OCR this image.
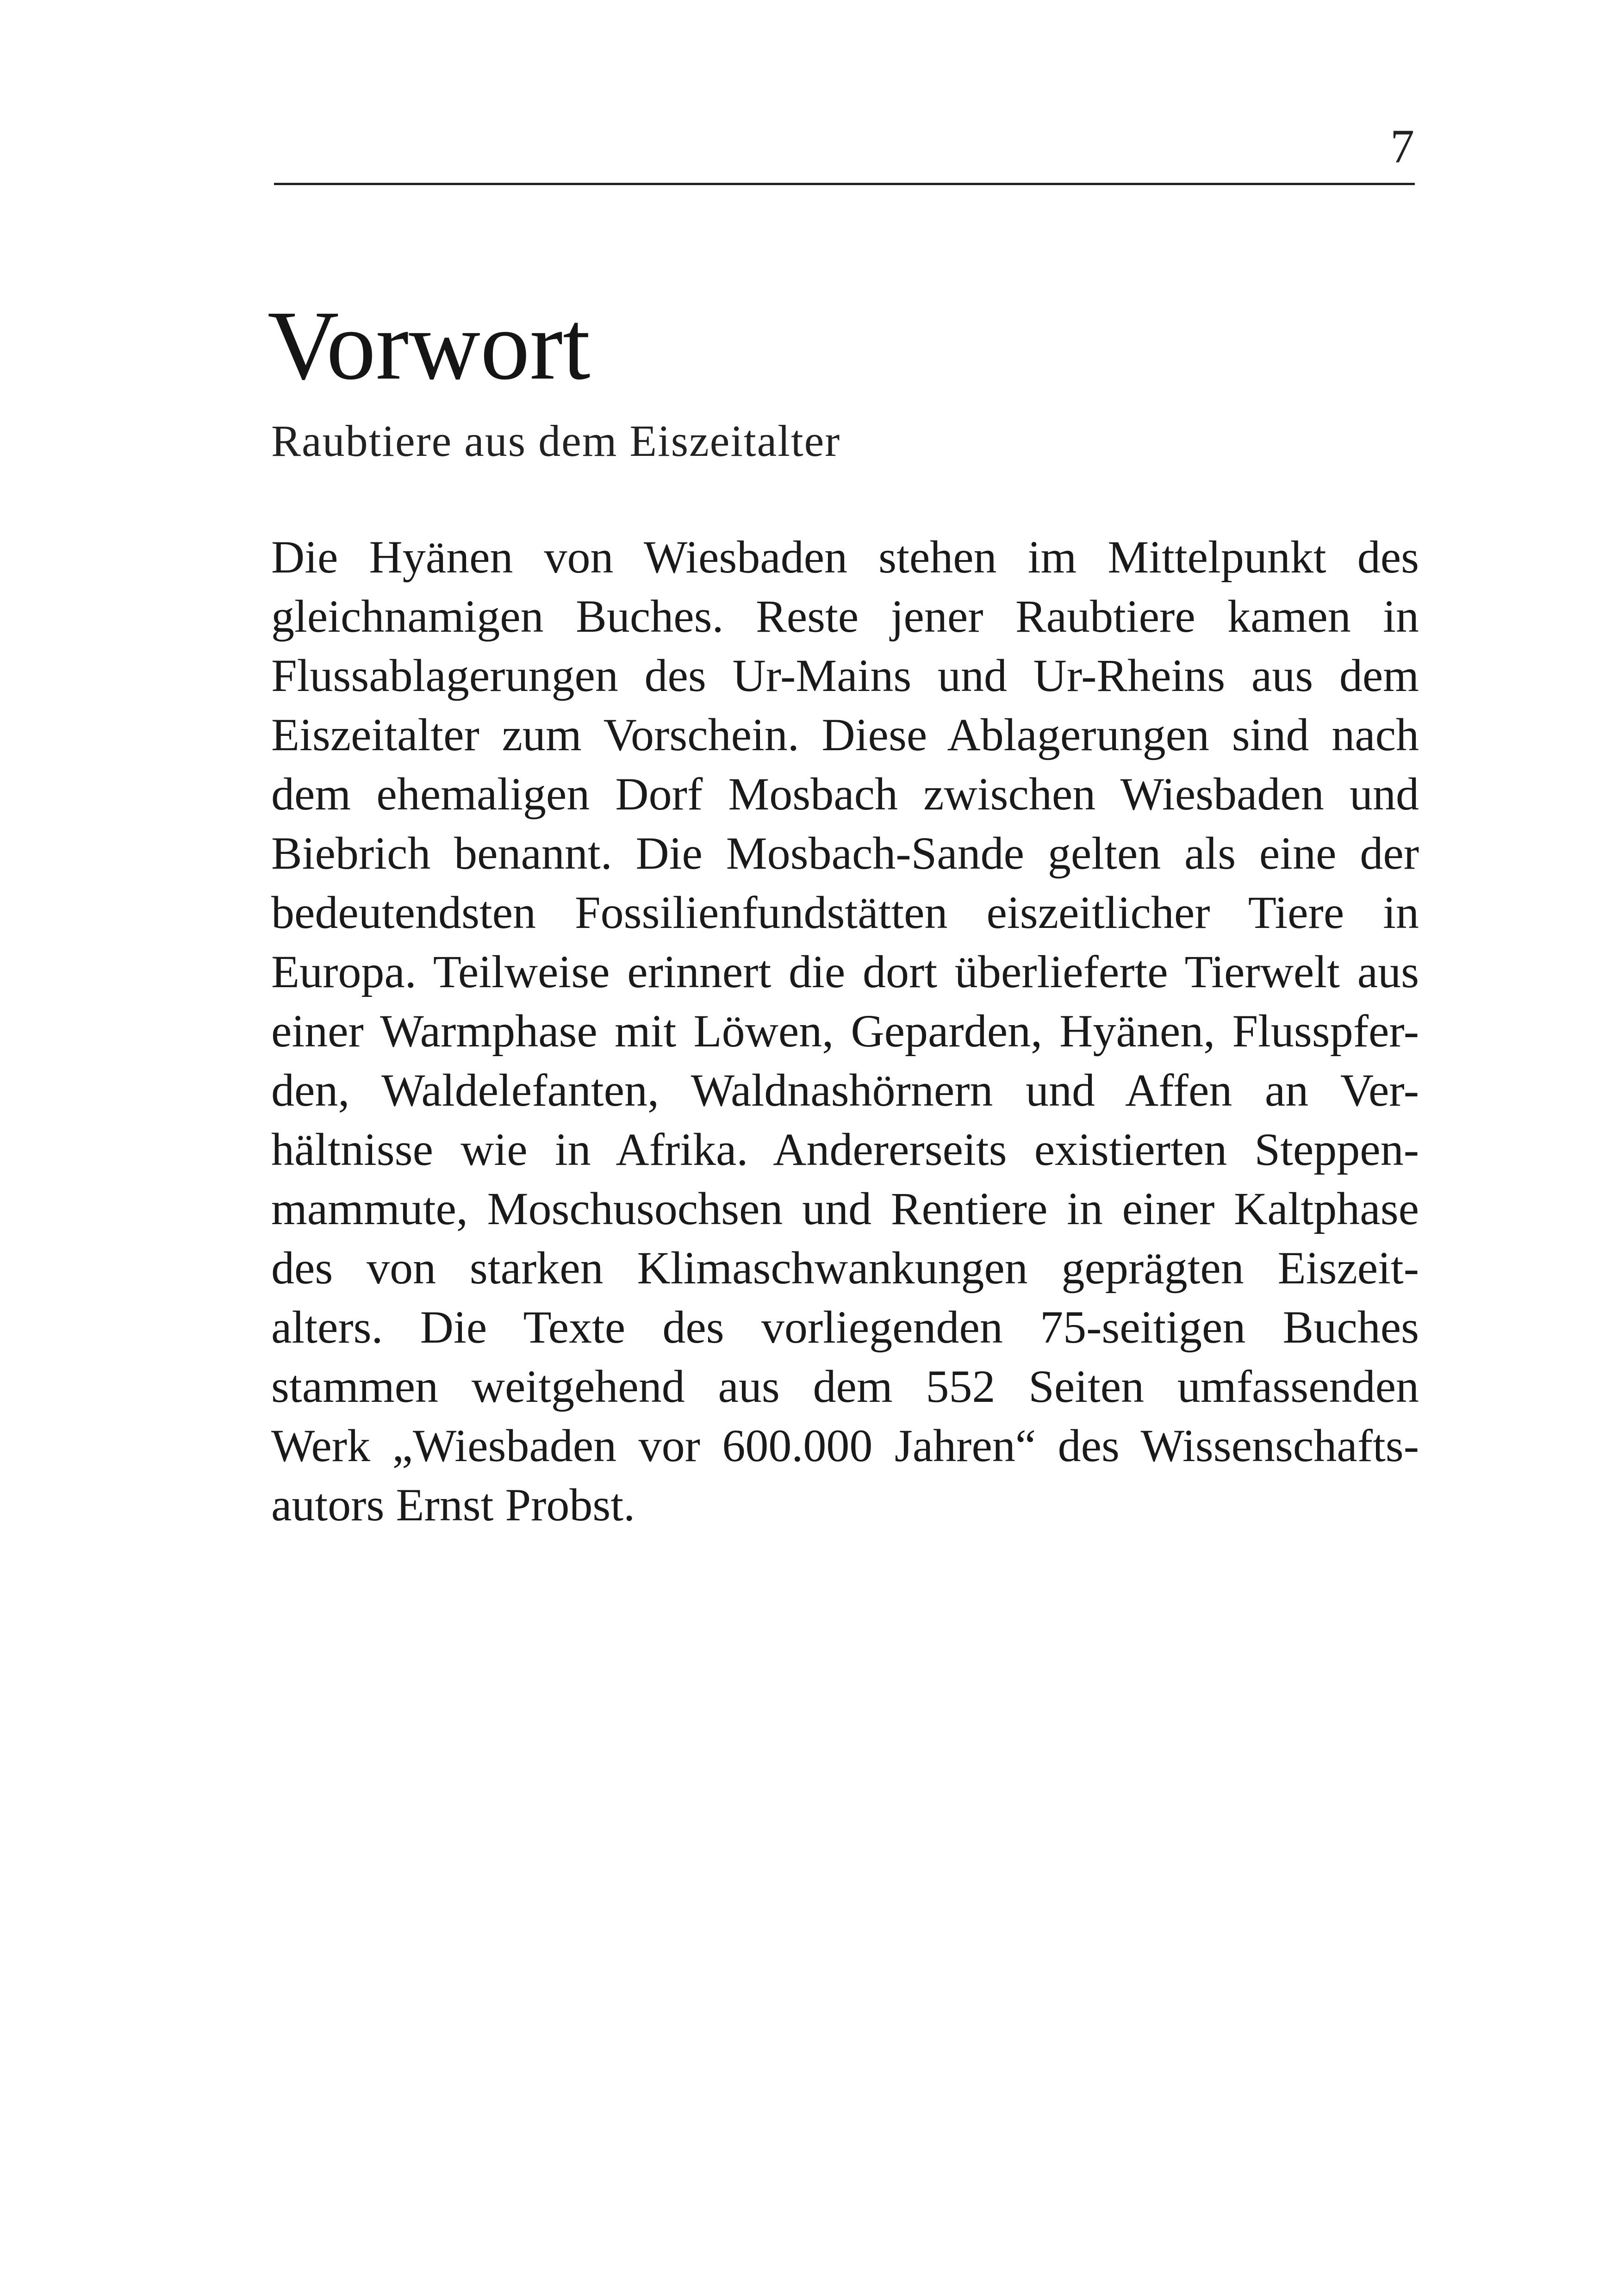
7
Vorwort

Raubtiere aus dem Eiszeitalter

Die Hyänen von Wiesbaden stehen im Mittelpunkt des
gleichnamigen Buches. Reste jener Raubtiere kamen in
Flussablagerungen des Ur-Mains und Ur-Rheins aus dem
Eiszeitalter zum Vorschein. Diese Ablagerungen sind nach
dem ehemaligen Dorf Mosbach zwischen Wiesbaden und
Biebrich benannt. Die Mosbach-Sande gelten als eine der
bedeutendsten Fossilienfundstätten eiszeitlicher Tiere in
Europa. Teilweise erinnert die dort überlieferte Tierwelt aus
einer Warmphase mit Löwen, Geparden, Hyänen, Flusspfer-
den, Waldelefanten, Waldnashörnern und Affen an Ver-
hältnisse wie in Afrika. Andererseits existierten Steppen-
mammute, Moschusochsen und Rentiere in einer Kaltphase
des von starken Klimaschwankungen geprägten Eiszeit-
alters. Die Texte des vorliegenden 75-seitigen Buches
stammen weitgehend aus dem 552 Seiten umfassenden
Werk „Wiesbaden vor 600.000 Jahren“ des Wissenschafts-
autors Ernst Probst.
